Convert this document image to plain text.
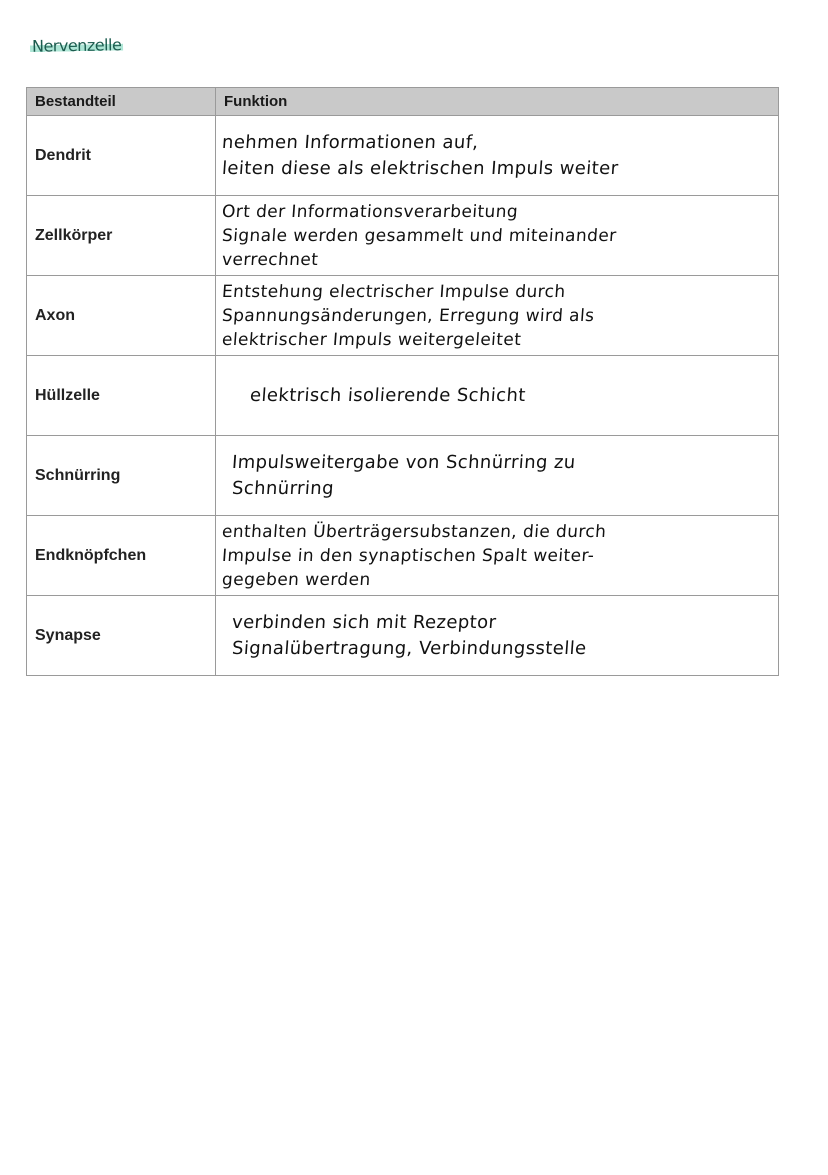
Nervenzelle
Bestandteil	Funktion
Dendrit	nehmen Informationen auf,
leiten diese als elektrischen Impuls weiter

Zellkörper	Ort der Informationsverarbeitung
Signale werden gesammelt und miteinander
verrechnet

Axon	Entstehung electrischer Impulse durch
Spannungsänderungen, Erregung wird als
elektrischer Impuls weitergeleitet

Hüllzelle	elektrisch isolierende Schicht

Schnürring	Impulsweitergabe von Schnürring zu
Schnürring

Endknöpfchen	enthalten Überträgersubstanzen, die durch
Impulse in den synaptischen Spalt weiter-
gegeben werden

Synapse	verbinden sich mit Rezeptor
Signalübertragung, Verbindungsstelle
